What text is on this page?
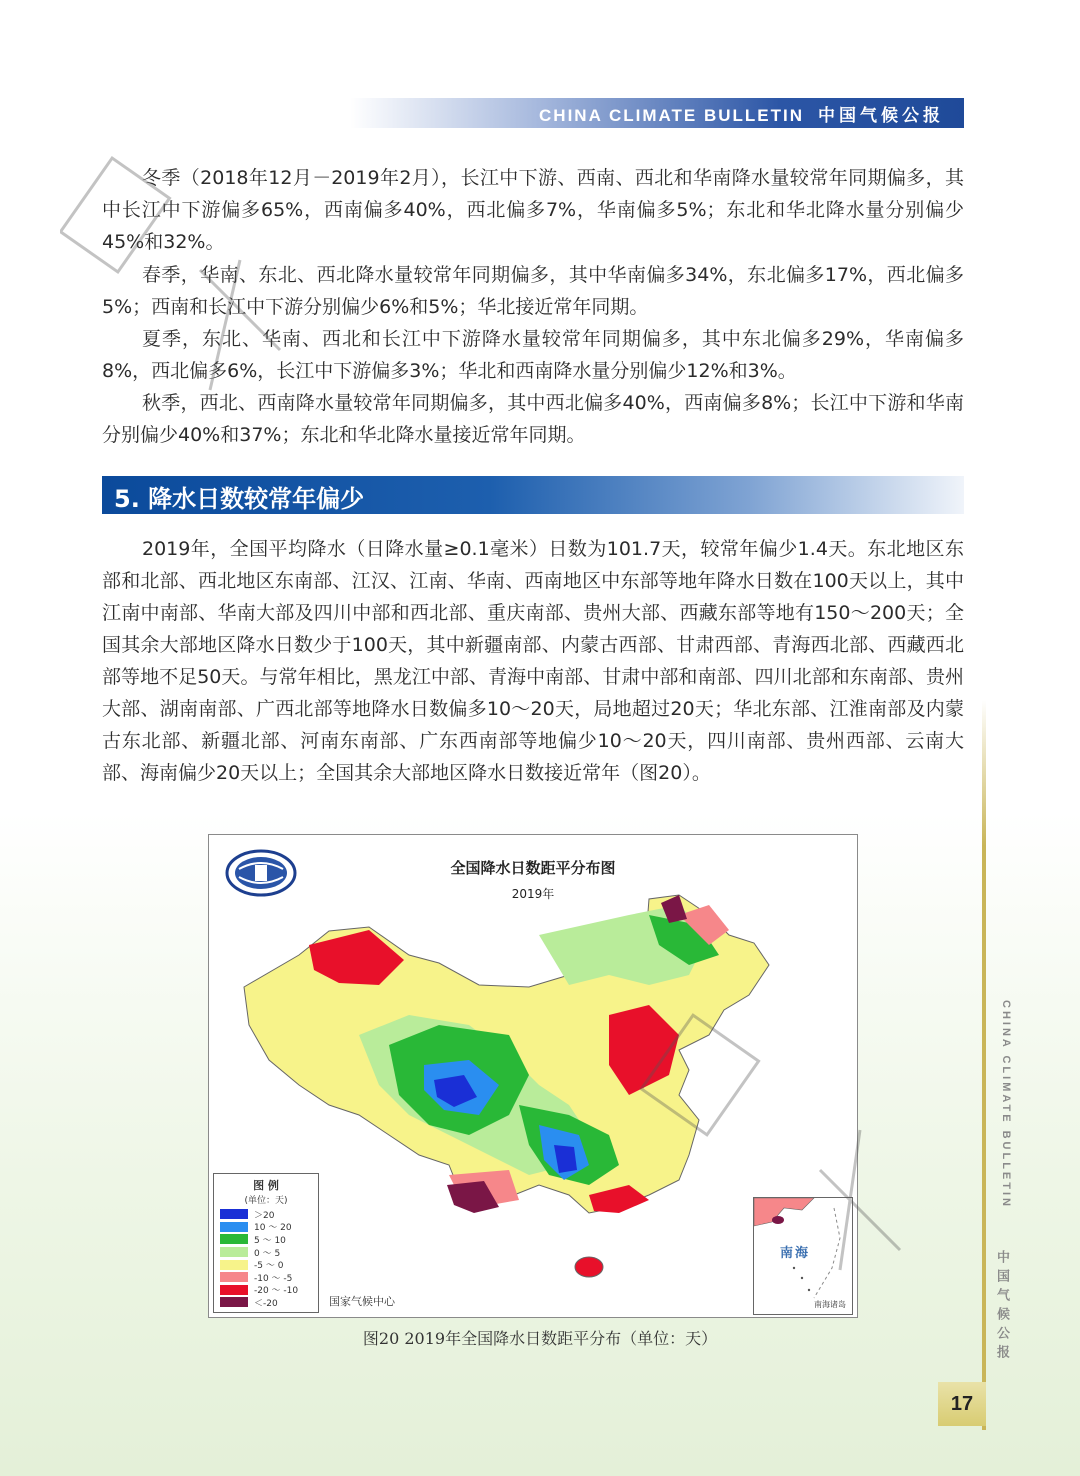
CHINA CLIMATE BULLETIN 中国气候公报

冬季（2018年12月－2019年2月），长江中下游、西南、西北和华南降水量较常年同期偏多，其中长江中下游偏多65%，西南偏多40%，西北偏多7%，华南偏多5%；东北和华北降水量分别偏少45%和32%。

春季，华南、东北、西北降水量较常年同期偏多，其中华南偏多34%，东北偏多17%，西北偏多5%；西南和长江中下游分别偏少6%和5%；华北接近常年同期。

夏季，东北、华南、西北和长江中下游降水量较常年同期偏多，其中东北偏多29%，华南偏多8%，西北偏多6%，长江中下游偏多3%；华北和西南降水量分别偏少12%和3%。

秋季，西北、西南降水量较常年同期偏多，其中西北偏多40%，西南偏多8%；长江中下游和华南分别偏少40%和37%；东北和华北降水量接近常年同期。

5. 降水日数较常年偏少

2019年，全国平均降水（日降水量≥0.1毫米）日数为101.7天，较常年偏少1.4天。东北地区东部和北部、西北地区东南部、江汉、江南、华南、西南地区中东部等地年降水日数在100天以上，其中江南中南部、华南大部及四川中部和西北部、重庆南部、贵州大部、西藏东部等地有150～200天；全国其余大部地区降水日数少于100天，其中新疆南部、内蒙古西部、甘肃西部、青海西北部、西藏西北部等地不足50天。与常年相比，黑龙江中部、青海中南部、甘肃中部和南部、四川北部和东南部、贵州大部、湖南南部、广西北部等地降水日数偏多10～20天，局地超过20天；华北东部、江淮南部及内蒙古东北部、新疆北部、河南东南部、广东西南部等地偏少10～20天，四川南部、贵州西部、云南大部、海南偏少20天以上；全国其余大部地区降水日数接近常年（图20）。

全国降水日数距平分布图
2019年
图 例
(单位：天)
＞20
10 ～ 20
5 ～ 10
0 ～ 5
-5 ～ 0
-10 ～ -5
-20 ～ -10
＜-20	国家气候中心
南海
南海诸岛
图20 2019年全国降水日数距平分布（单位：天）
CHINA CLIMATE BULLETIN
中国气候公报
17
